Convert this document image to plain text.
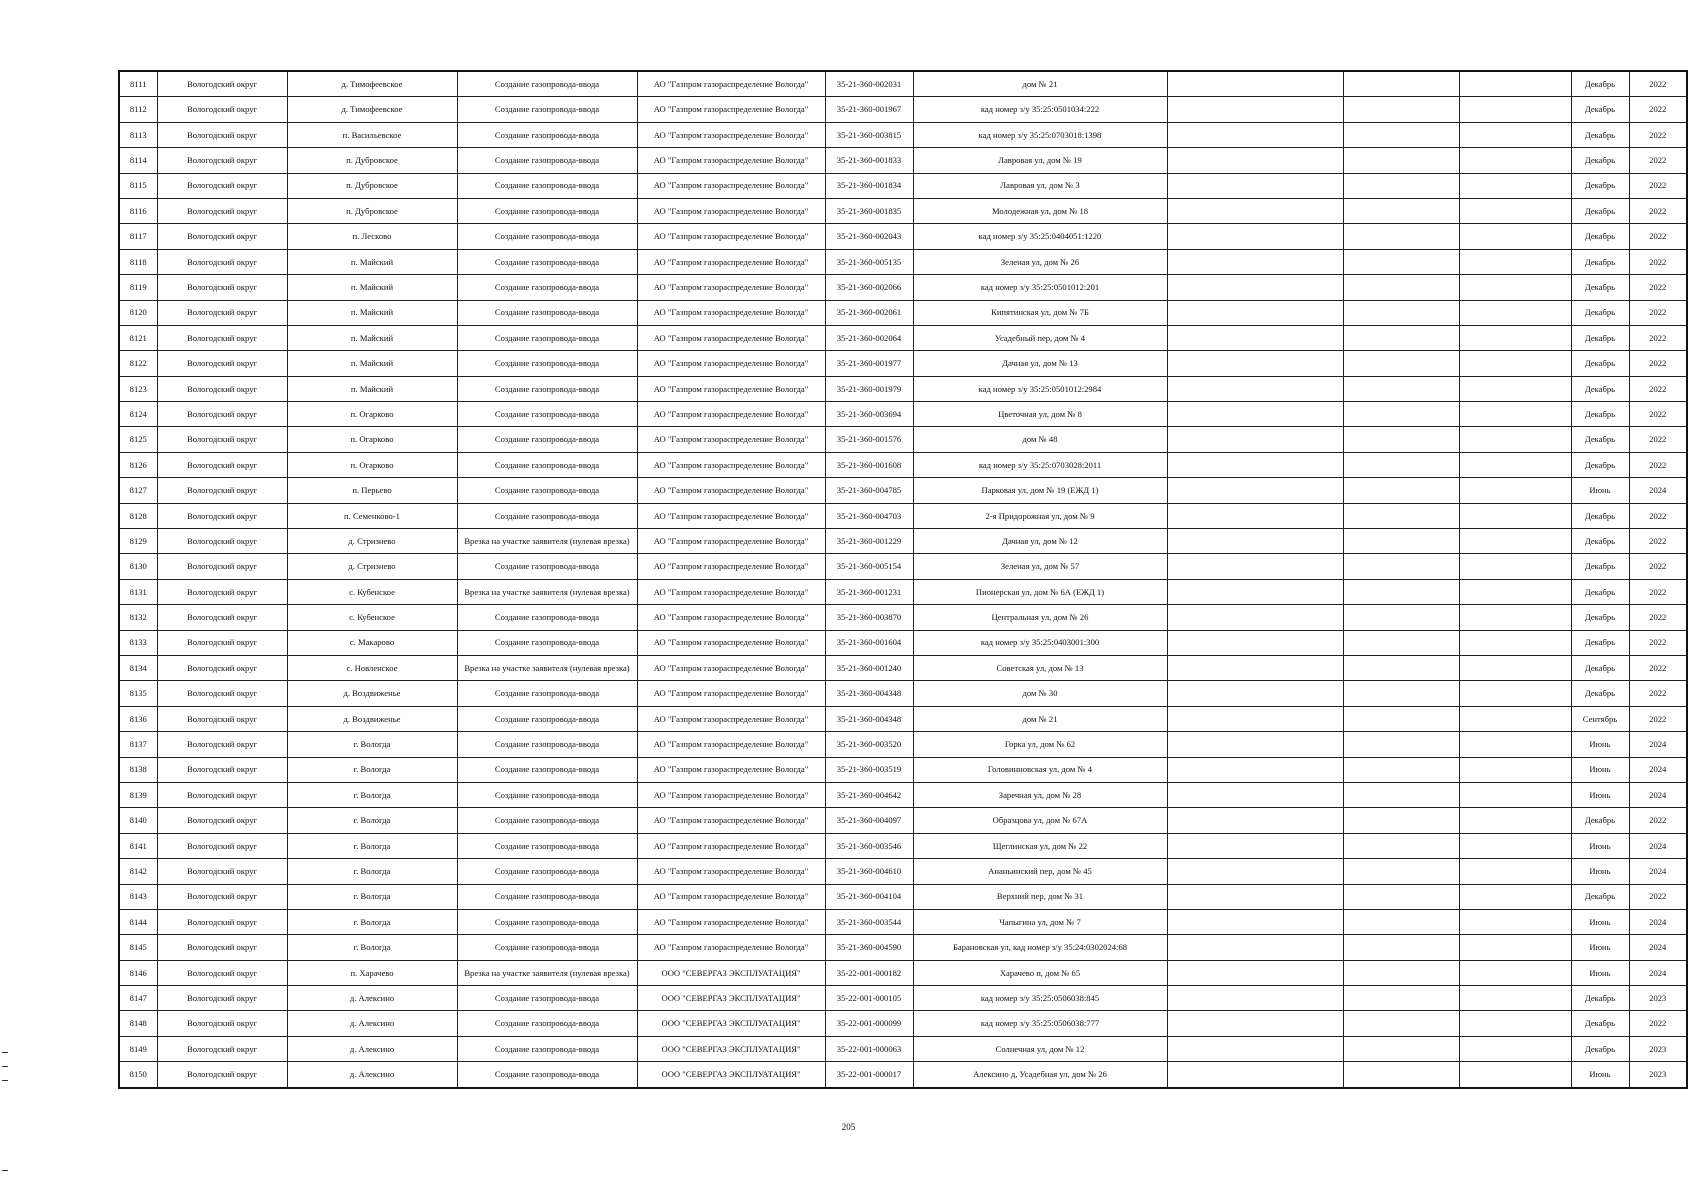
8111	Вологодский округ	д. Тимофеевское	Создание газопровода-ввода	АО "Газпром газораспределение Вологда"	35-21-360-002031	дом № 21				Декабрь	2022
8112	Вологодский округ	д. Тимофеевское	Создание газопровода-ввода	АО "Газпром газораспределение Вологда"	35-21-360-001967	кад номер з/у 35:25:0501034:222				Декабрь	2022
8113	Вологодский округ	п. Васильевское	Создание газопровода-ввода	АО "Газпром газораспределение Вологда"	35-21-360-003815	кад номер з/у 35:25:0703018:1398				Декабрь	2022
8114	Вологодский округ	п. Дубровское	Создание газопровода-ввода	АО "Газпром газораспределение Вологда"	35-21-360-001833	Лавровая ул, дом № 19				Декабрь	2022
8115	Вологодский округ	п. Дубровское	Создание газопровода-ввода	АО "Газпром газораспределение Вологда"	35-21-360-001834	Лавровая ул, дом № 3				Декабрь	2022
8116	Вологодский округ	п. Дубровское	Создание газопровода-ввода	АО "Газпром газораспределение Вологда"	35-21-360-001835	Молодежная ул, дом № 18				Декабрь	2022
8117	Вологодский округ	п. Лесково	Создание газопровода-ввода	АО "Газпром газораспределение Вологда"	35-21-360-002043	кад номер з/у 35:25:0404051:1220				Декабрь	2022
8118	Вологодский округ	п. Майский	Создание газопровода-ввода	АО "Газпром газораспределение Вологда"	35-21-360-005135	Зеленая ул, дом № 26				Декабрь	2022
8119	Вологодский округ	п. Майский	Создание газопровода-ввода	АО "Газпром газораспределение Вологда"	35-21-360-002066	кад номер з/у 35:25:0501012:201				Декабрь	2022
8120	Вологодский округ	п. Майский	Создание газопровода-ввода	АО "Газпром газораспределение Вологда"	35-21-360-002061	Кипятинская ул, дом № 7Б				Декабрь	2022
8121	Вологодский округ	п. Майский	Создание газопровода-ввода	АО "Газпром газораспределение Вологда"	35-21-360-002064	Усадебный пер, дом № 4				Декабрь	2022
8122	Вологодский округ	п. Майский	Создание газопровода-ввода	АО "Газпром газораспределение Вологда"	35-21-360-001977	Дачная ул, дом № 13				Декабрь	2022
8123	Вологодский округ	п. Майский	Создание газопровода-ввода	АО "Газпром газораспределение Вологда"	35-21-360-001979	кад номер з/у 35:25:0501012:2984				Декабрь	2022
8124	Вологодский округ	п. Огарково	Создание газопровода-ввода	АО "Газпром газораспределение Вологда"	35-21-360-003694	Цветочная ул, дом № 8				Декабрь	2022
8125	Вологодский округ	п. Огарково	Создание газопровода-ввода	АО "Газпром газораспределение Вологда"	35-21-360-001576	дом № 48				Декабрь	2022
8126	Вологодский округ	п. Огарково	Создание газопровода-ввода	АО "Газпром газораспределение Вологда"	35-21-360-001608	кад номер з/у 35:25:0703028:2011				Декабрь	2022
8127	Вологодский округ	п. Перьево	Создание газопровода-ввода	АО "Газпром газораспределение Вологда"	35-21-360-004785	Парковая ул, дом № 19 (ЕЖД 1)				Июнь	2024
8128	Вологодский округ	п. Семенково-1	Создание газопровода-ввода	АО "Газпром газораспределение Вологда"	35-21-360-004703	2-я Придорожная ул, дом № 9				Декабрь	2022
8129	Вологодский округ	д. Стризнево	Врезка на участке заявителя (нулевая врезка)	АО "Газпром газораспределение Вологда"	35-21-360-001229	Дачная ул, дом № 12				Декабрь	2022
8130	Вологодский округ	д. Стризнево	Создание газопровода-ввода	АО "Газпром газораспределение Вологда"	35-21-360-005154	Зеленая ул, дом № 57				Декабрь	2022
8131	Вологодский округ	с. Кубенское	Врезка на участке заявителя (нулевая врезка)	АО "Газпром газораспределение Вологда"	35-21-360-001231	Пионерская ул, дом № 6А (ЕЖД 1)				Декабрь	2022
8132	Вологодский округ	с. Кубенское	Создание газопровода-ввода	АО "Газпром газораспределение Вологда"	35-21-360-003870	Центральная ул, дом № 26				Декабрь	2022
8133	Вологодский округ	с. Макарово	Создание газопровода-ввода	АО "Газпром газораспределение Вологда"	35-21-360-001604	кад номер з/у 35:25:0403001:300				Декабрь	2022
8134	Вологодский округ	с. Новленское	Врезка на участке заявителя (нулевая врезка)	АО "Газпром газораспределение Вологда"	35-21-360-001240	Советская ул, дом № 13				Декабрь	2022
8135	Вологодский округ	д. Воздвиженье	Создание газопровода-ввода	АО "Газпром газораспределение Вологда"	35-21-360-004348	дом № 30				Декабрь	2022
8136	Вологодский округ	д. Воздвиженье	Создание газопровода-ввода	АО "Газпром газораспределение Вологда"	35-21-360-004348	дом № 21				Сентябрь	2022
8137	Вологодский округ	г. Вологда	Создание газопровода-ввода	АО "Газпром газораспределение Вологда"	35-21-360-003520	Горка ул, дом № 62				Июнь	2024
8138	Вологодский округ	г. Вологда	Создание газопровода-ввода	АО "Газпром газораспределение Вологда"	35-21-360-003519	Головинновская ул, дом № 4				Июнь	2024
8139	Вологодский округ	г. Вологда	Создание газопровода-ввода	АО "Газпром газораспределение Вологда"	35-21-360-004642	Заречная ул, дом № 28				Июнь	2024
8140	Вологодский округ	г. Вологда	Создание газопровода-ввода	АО "Газпром газораспределение Вологда"	35-21-360-004097	Образцова ул, дом № 67А				Декабрь	2022
8141	Вологодский округ	г. Вологда	Создание газопровода-ввода	АО "Газпром газораспределение Вологда"	35-21-360-003546	Щеглинская ул, дом № 22				Июнь	2024
8142	Вологодский округ	г. Вологда	Создание газопровода-ввода	АО "Газпром газораспределение Вологда"	35-21-360-004610	Ананьинский пер, дом № 45				Июнь	2024
8143	Вологодский округ	г. Вологда	Создание газопровода-ввода	АО "Газпром газораспределение Вологда"	35-21-360-004104	Верхний пер, дом № 31				Декабрь	2022
8144	Вологодский округ	г. Вологда	Создание газопровода-ввода	АО "Газпром газораспределение Вологда"	35-21-360-003544	Чапыгина ул, дом № 7				Июнь	2024
8145	Вологодский округ	г. Вологда	Создание газопровода-ввода	АО "Газпром газораспределение Вологда"	35-21-360-004590	Барановская ул, кад номер з/у 35:24:0302024:68				Июнь	2024
8146	Вологодский округ	п. Харачево	Врезка на участке заявителя (нулевая врезка)	ООО "СЕВЕРГАЗ ЭКСПЛУАТАЦИЯ"	35-22-001-000182	Харачево п, дом № 65				Июнь	2024
8147	Вологодский округ	д. Алексино	Создание газопровода-ввода	ООО "СЕВЕРГАЗ ЭКСПЛУАТАЦИЯ"	35-22-001-000105	кад номер з/у 35:25:0506038:845				Декабрь	2023
8148	Вологодский округ	д. Алексино	Создание газопровода-ввода	ООО "СЕВЕРГАЗ ЭКСПЛУАТАЦИЯ"	35-22-001-000099	кад номер з/у 35:25:0506038:777				Декабрь	2022
8149	Вологодский округ	д. Алексино	Создание газопровода-ввода	ООО "СЕВЕРГАЗ ЭКСПЛУАТАЦИЯ"	35-22-001-000063	Солнечная ул, дом № 12				Декабрь	2023
8150	Вологодский округ	д. Алексино	Создание газопровода-ввода	ООО "СЕВЕРГАЗ ЭКСПЛУАТАЦИЯ"	35-22-001-000017	Алексино д, Усадебная ул, дом № 26				Июнь	2023
205
